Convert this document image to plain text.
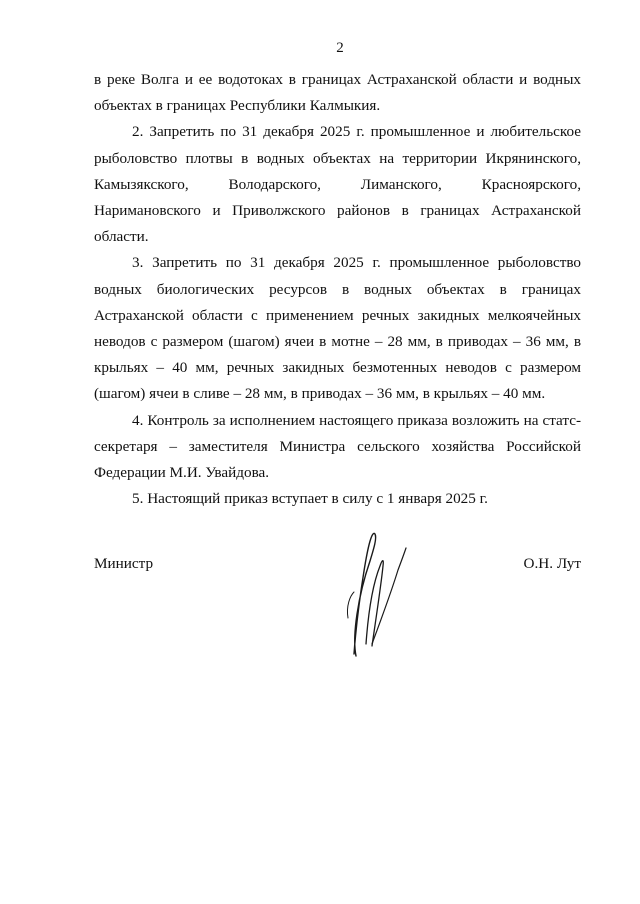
2

в реке Волга и ее водотоках в границах Астраханской области и водных объектах в границах Республики Калмыкия.

2. Запретить по 31 декабря 2025 г. промышленное и любительское рыболовство плотвы в водных объектах на территории Икрянинского, Камызякского, Володарского, Лиманского, Красноярского, Наримановского и Приволжского районов в границах Астраханской области.

3. Запретить по 31 декабря 2025 г. промышленное рыболовство водных биологических ресурсов в водных объектах в границах Астраханской области с применением речных закидных мелкоячейных неводов с размером (шагом) ячеи в мотне – 28 мм, в приводах – 36 мм, в крыльях – 40 мм, речных закидных безмотенных неводов с размером (шагом) ячеи в сливе – 28 мм, в приводах – 36 мм, в крыльях – 40 мм.

4. Контроль за исполнением настоящего приказа возложить на статс-секретаря – заместителя Министра сельского хозяйства Российской Федерации М.И. Увайдова.

5. Настоящий приказ вступает в силу с 1 января 2025 г.

Министр	О.Н. Лут
